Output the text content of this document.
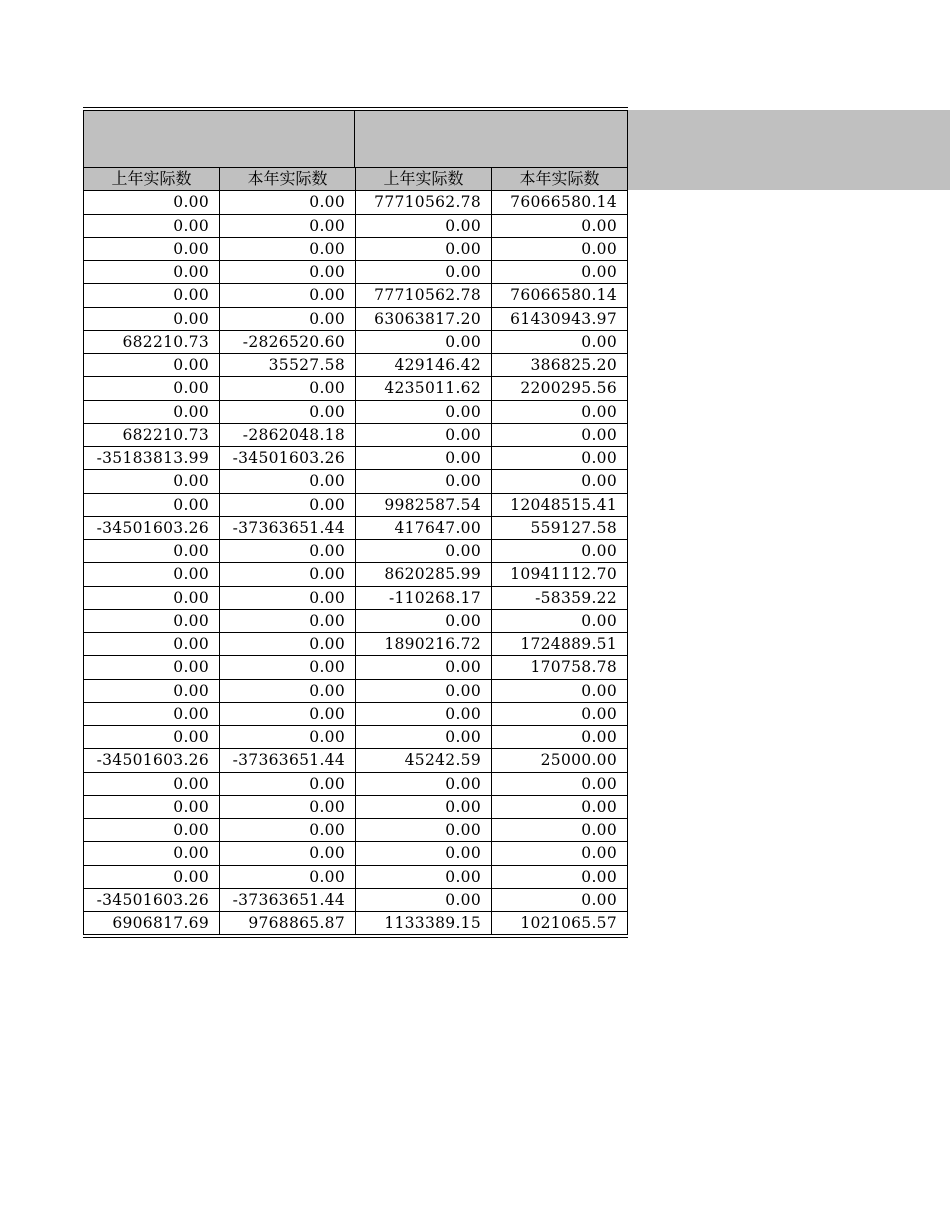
上年实际数	本年实际数	上年实际数	本年实际数
0.00	0.00	77710562.78	76066580.14
0.00	0.00	0.00	0.00
0.00	0.00	0.00	0.00
0.00	0.00	0.00	0.00
0.00	0.00	77710562.78	76066580.14
0.00	0.00	63063817.20	61430943.97
682210.73	-2826520.60	0.00	0.00
0.00	35527.58	429146.42	386825.20
0.00	0.00	4235011.62	2200295.56
0.00	0.00	0.00	0.00
682210.73	-2862048.18	0.00	0.00
-35183813.99	-34501603.26	0.00	0.00
0.00	0.00	0.00	0.00
0.00	0.00	9982587.54	12048515.41
-34501603.26	-37363651.44	417647.00	559127.58
0.00	0.00	0.00	0.00
0.00	0.00	8620285.99	10941112.70
0.00	0.00	-110268.17	-58359.22
0.00	0.00	0.00	0.00
0.00	0.00	1890216.72	1724889.51
0.00	0.00	0.00	170758.78
0.00	0.00	0.00	0.00
0.00	0.00	0.00	0.00
0.00	0.00	0.00	0.00
-34501603.26	-37363651.44	45242.59	25000.00
0.00	0.00	0.00	0.00
0.00	0.00	0.00	0.00
0.00	0.00	0.00	0.00
0.00	0.00	0.00	0.00
0.00	0.00	0.00	0.00
-34501603.26	-37363651.44	0.00	0.00
6906817.69	9768865.87	1133389.15	1021065.57
